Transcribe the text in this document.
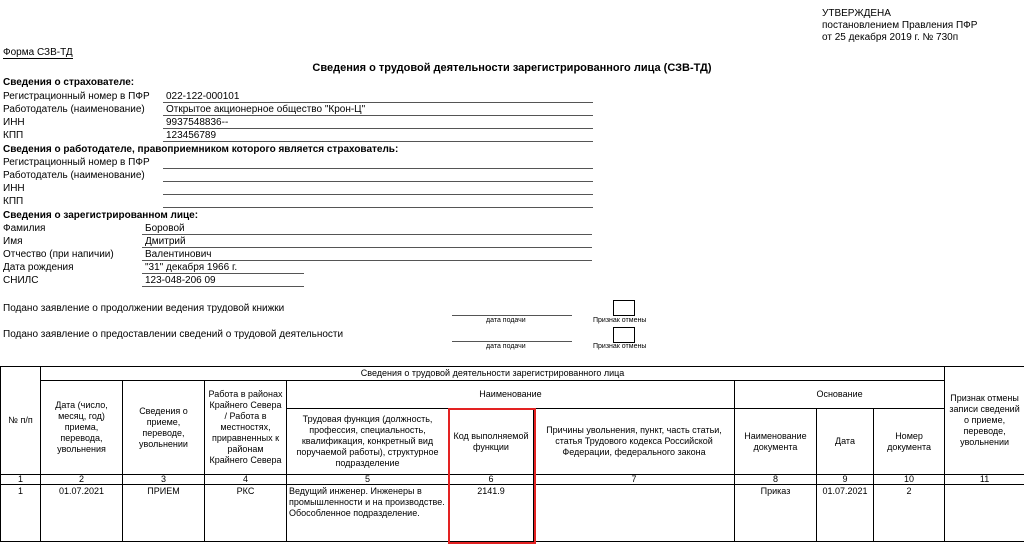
УТВЕРЖДЕНА
постановлением Правления ПФР
от 25 декабря 2019 г. № 730п
Форма СЗВ-ТД
Сведения о трудовой деятельности зарегистрированного лица (СЗВ-ТД)
Сведения о страхователе:
Регистрационный номер в ПФР 022-122-000101
Работодатель (наименование) Открытое акционерное общество "Крон-Ц"
ИНН	9937548836--
КПП	123456789
Сведения о работодателе, правоприемником которого является страхователь:
Регистрационный номер в ПФР
Работодатель (наименование)
ИНН
КПП
Сведения о зарегистрированном лице:
Фамилия	Боровой
Имя	Дмитрий
Отчество (при напичии)	Валентинович
Дата рождения	"31" декабря 1966 г.
СНИЛС	123-048-206 09
Подано заявление о продолжении ведения трудовой книжки
дата подачи	Признак отмены
Подано заявление о предоставлении сведений о трудовой деятельности
дата подачи	Признак отмены
№ п/п	Сведения о трудовой деятельности зарегистрированного лица	Признак отмены записи сведений о приеме, переводе, увольнении
Дата (число, месяц, год) приема, перевода, увольнения	Сведения о приеме, переводе, увольнении	Работа в районах Крайнего Севера / Работа в местностях, приравненных к районам Крайнего Севера	Наименование	Основание
Трудовая функция (должность, профессия, специальность, квалификация, конкретный вид поручаемой работы), структурное подразделение	Код выполняемой функции	Причины увольнения, пункт, часть статьи, статья Трудового кодекса Российской Федерации, федерального закона	Наименование документа	Дата	Номер документа
1	2	3	4	5	6	7	8	9	10	11
1	01.07.2021	ПРИЕМ	РКС	Ведущий инженер. Инженеры в промышленности и на производстве. Обособленное подразделение.	2141.9		Приказ	01.07.2021	2	
